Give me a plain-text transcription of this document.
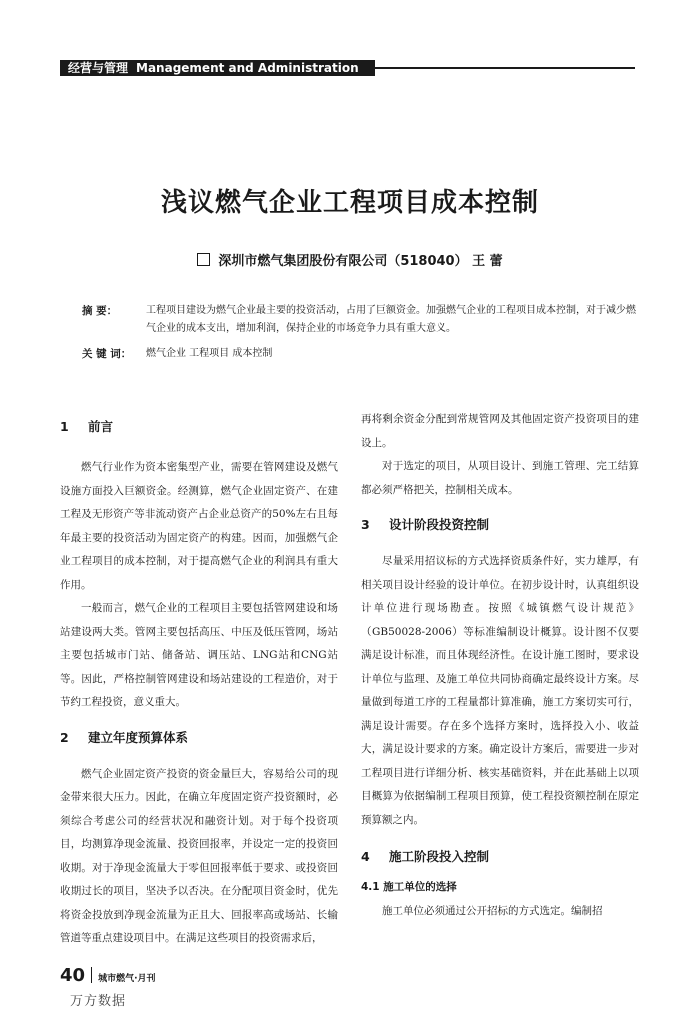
经营与管理 Management and Administration
浅议燃气企业工程项目成本控制
深圳市燃气集团股份有限公司（518040） 王 蕾
摘 要：	工程项目建设为燃气企业最主要的投资活动，占用了巨额资金。加强燃气企业的工程项目成本控制，对于减少燃气企业的成本支出，增加利润，保持企业的市场竞争力具有重大意义。
关 键 词： 燃气企业 工程项目 成本控制
1 前言

燃气行业作为资本密集型产业，需要在管网建设及燃气设施方面投入巨额资金。经测算，燃气企业固定资产、在建工程及无形资产等非流动资产占企业总资产的50%左右且每年最主要的投资活动为固定资产的构建。因而，加强燃气企业工程项目的成本控制，对于提高燃气企业的利润具有重大作用。

一般而言，燃气企业的工程项目主要包括管网建设和场站建设两大类。管网主要包括高压、中压及低压管网，场站主要包括城市门站、储备站、调压站、LNG站和CNG站等。因此，严格控制管网建设和场站建设的工程造价，对于节约工程投资，意义重大。

2 建立年度预算体系

燃气企业固定资产投资的资金量巨大，容易给公司的现金带来很大压力。因此，在确立年度固定资产投资额时，必须综合考虑公司的经营状况和融资计划。对于每个投资项目，均测算净现金流量、投资回报率，并设定一定的投资回收期。对于净现金流量大于零但回报率低于要求、或投资回收期过长的项目，坚决予以否决。在分配项目资金时，优先将资金投放到净现金流量为正且大、回报率高或场站、长输管道等重点建设项目中。在满足这些项目的投资需求后，

再将剩余资金分配到常规管网及其他固定资产投资项目的建设上。

对于选定的项目，从项目设计、到施工管理、完工结算都必须严格把关，控制相关成本。

3 设计阶段投资控制

尽量采用招议标的方式选择资质条件好，实力雄厚，有相关项目设计经验的设计单位。在初步设计时，认真组织设计单位进行现场勘查。按照《城镇燃气设计规范》（GB50028-2006）等标准编制设计概算。设计图不仅要满足设计标准，而且体现经济性。在设计施工图时，要求设计单位与监理、及施工单位共同协商确定最终设计方案。尽量做到每道工序的工程量都计算准确，施工方案切实可行，满足设计需要。存在多个选择方案时，选择投入小、收益大，满足设计要求的方案。确定设计方案后，需要进一步对工程项目进行详细分析、核实基础资料，并在此基础上以项目概算为依据编制工程项目预算，使工程投资额控制在原定预算额之内。

4 施工阶段投入控制

4.1 施工单位的选择

施工单位必须通过公开招标的方式选定。编制招

40 城市燃气·月刊
万方数据
